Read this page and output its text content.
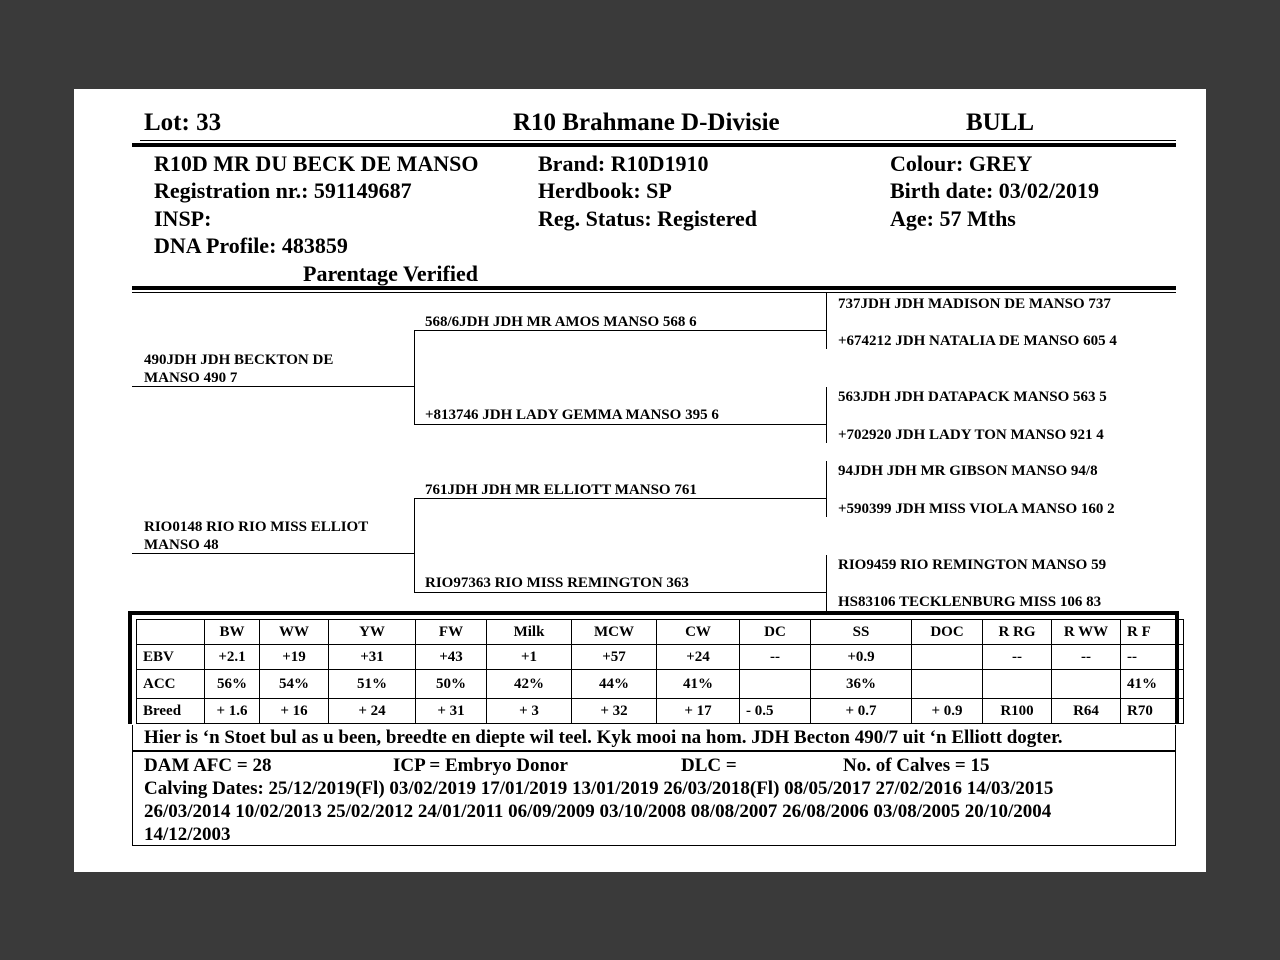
Lot: 33	R10 Brahmane D-Divisie	BULL
R10D MR DU BECK DE MANSO
Registration nr.: 591149687
INSP:
DNA Profile: 483859
Parentage Verified
Brand: R10D1910
Herdbook: SP
Reg. Status: Registered
Colour: GREY
Birth date: 03/02/2019
Age: 57 Mths
490JDH JDH BECKTON DE MANSO 490 7
568/6JDH JDH MR AMOS MANSO 568 6
+813746 JDH LADY GEMMA MANSO 395 6
RIO0148 RIO RIO MISS ELLIOT MANSO 48
761JDH JDH MR ELLIOTT MANSO 761
RIO97363 RIO MISS REMINGTON 363
737JDH JDH MADISON DE MANSO 737
+674212 JDH NATALIA DE MANSO 605 4
563JDH JDH DATAPACK MANSO 563 5
+702920 JDH LADY TON MANSO 921 4
94JDH JDH MR GIBSON MANSO 94/8
+590399 JDH MISS VIOLA MANSO 160 2
RIO9459 RIO REMINGTON MANSO 59
HS83106 TECKLENBURG MISS 106 83
	BW	WW	YW	FW	Milk	MCW	CW	DC	SS	DOC	R RG	R WW	R F
EBV	+2.1	+19	+31	+43	+1	+57	+24	--	+0.9		--	--	--
ACC	56%	54%	51%	50%	42%	44%	41%		36%				41%
Breed	+ 1.6	+ 16	+ 24	+ 31	+ 3	+ 32	+ 17	- 0.5	+ 0.7	+ 0.9	R100	R64	R70
Hier is ‘n Stoet bul as u been, breedte en diepte wil teel. Kyk mooi na hom. JDH Becton 490/7 uit ‘n Elliott dogter.
DAM AFC = 28	ICP = Embryo Donor	DLC =	No. of Calves = 15
Calving Dates: 25/12/2019(Fl) 03/02/2019 17/01/2019 13/01/2019 26/03/2018(Fl) 08/05/2017 27/02/2016 14/03/2015
26/03/2014 10/02/2013 25/02/2012 24/01/2011 06/09/2009 03/10/2008 08/08/2007 26/08/2006 03/08/2005 20/10/2004
14/12/2003
